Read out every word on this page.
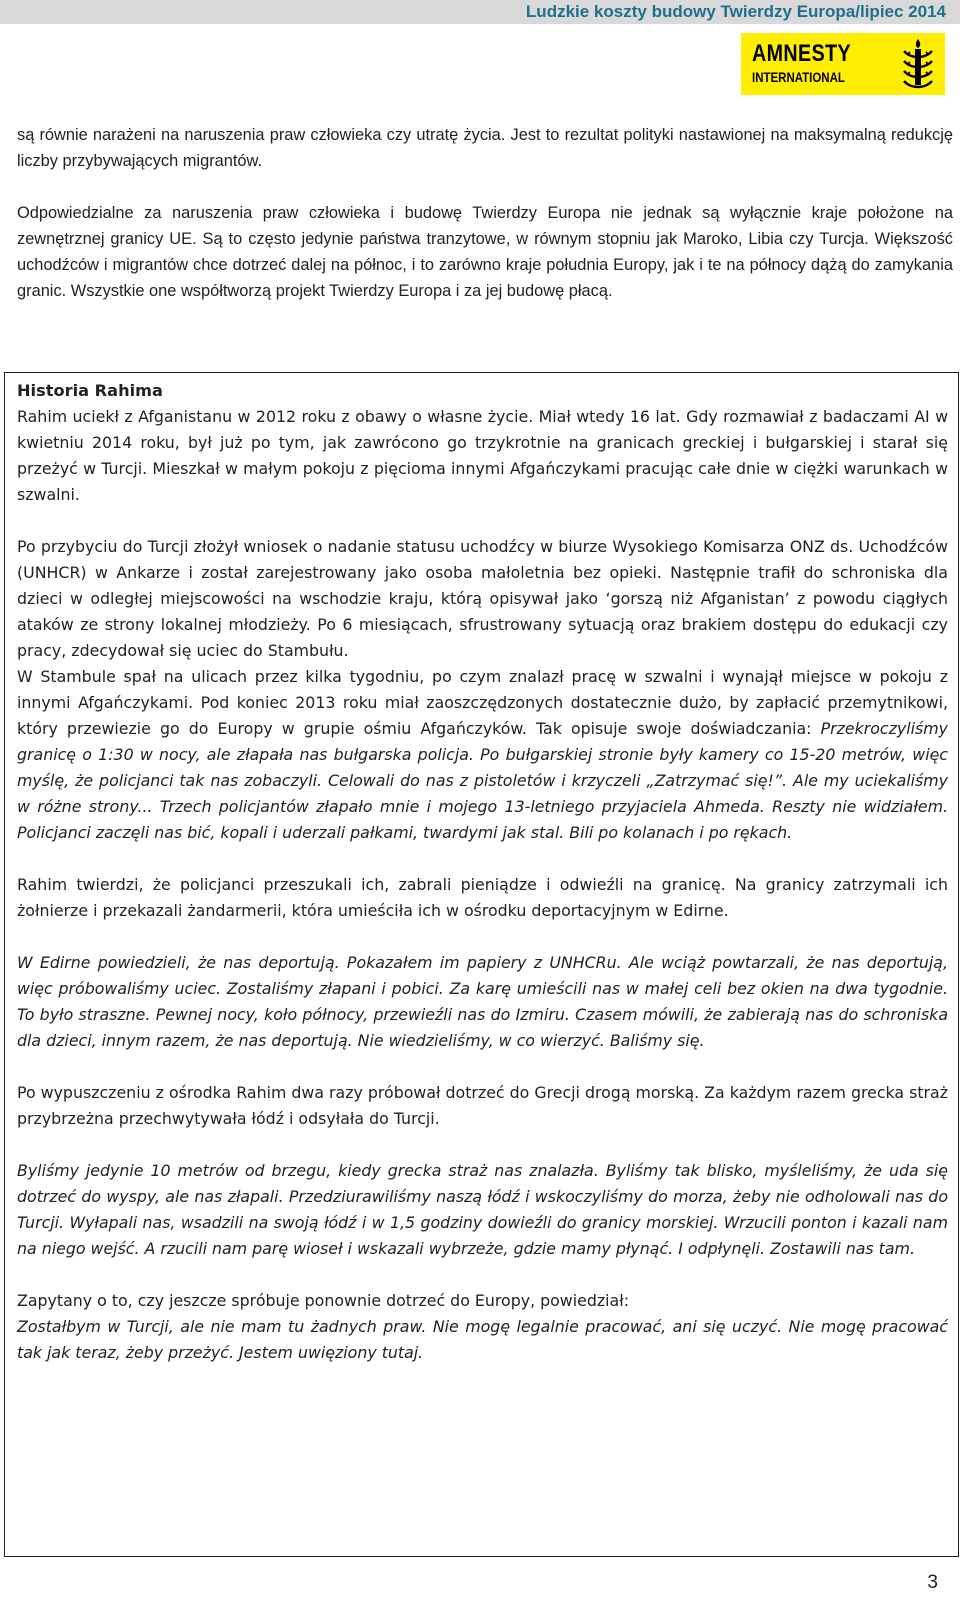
Ludzkie koszty budowy Twierdzy Europa/lipiec 2014
AMNESTY
INTERNATIONAL

są równie narażeni na naruszenia praw człowieka czy utratę życia. Jest to rezultat polityki nastawionej na maksymalną redukcję liczby przybywających migrantów.

Odpowiedzialne za naruszenia praw człowieka i budowę Twierdzy Europa nie jednak są wyłącznie kraje położone na zewnętrznej granicy UE. Są to często jedynie państwa tranzytowe, w równym stopniu jak Maroko, Libia czy Turcja. Większość uchodźców i migrantów chce dotrzeć dalej na północ, i to zarówno kraje południa Europy, jak i te na północy dążą do zamykania granic. Wszystkie one współtworzą projekt Twierdzy Europa i za jej budowę płacą.

Historia Rahima

Rahim uciekł z Afganistanu w 2012 roku z obawy o własne życie. Miał wtedy 16 lat. Gdy rozmawiał z badaczami AI w kwietniu 2014 roku, był już po tym, jak zawrócono go trzykrotnie na granicach greckiej i bułgarskiej i starał się przeżyć w Turcji. Mieszkał w małym pokoju z pięcioma innymi Afgańczykami pracując całe dnie w ciężki warunkach w szwalni.

Po przybyciu do Turcji złożył wniosek o nadanie statusu uchodźcy w biurze Wysokiego Komisarza ONZ ds. Uchodźców (UNHCR) w Ankarze i został zarejestrowany jako osoba małoletnia bez opieki. Następnie trafił do schroniska dla dzieci w odległej miejscowości na wschodzie kraju, którą opisywał jako ‘gorszą niż Afganistan’ z powodu ciągłych ataków ze strony lokalnej młodzieży. Po 6 miesiącach, sfrustrowany sytuacją oraz brakiem dostępu do edukacji czy pracy, zdecydował się uciec do Stambułu.

W Stambule spał na ulicach przez kilka tygodniu, po czym znalazł pracę w szwalni i wynajął miejsce w pokoju z innymi Afgańczykami. Pod koniec 2013 roku miał zaoszczędzonych dostatecznie dużo, by zapłacić przemytnikowi, który przewiezie go do Europy w grupie ośmiu Afgańczyków. Tak opisuje swoje doświadczania: Przekroczyliśmy granicę o 1:30 w nocy, ale złapała nas bułgarska policja. Po bułgarskiej stronie były kamery co 15-20 metrów, więc myślę, że policjanci tak nas zobaczyli. Celowali do nas z pistoletów i krzyczeli „Zatrzymać się!”. Ale my uciekaliśmy w różne strony... Trzech policjantów złapało mnie i mojego 13-letniego przyjaciela Ahmeda. Reszty nie widziałem. Policjanci zaczęli nas bić, kopali i uderzali pałkami, twardymi jak stal. Bili po kolanach i po rękach.

Rahim twierdzi, że policjanci przeszukali ich, zabrali pieniądze i odwieźli na granicę. Na granicy zatrzymali ich żołnierze i przekazali żandarmerii, która umieściła ich w ośrodku deportacyjnym w Edirne.

W Edirne powiedzieli, że nas deportują. Pokazałem im papiery z UNHCRu. Ale wciąż powtarzali, że nas deportują, więc próbowaliśmy uciec. Zostaliśmy złapani i pobici. Za karę umieścili nas w małej celi bez okien na dwa tygodnie. To było straszne. Pewnej nocy, koło północy, przewieźli nas do Izmiru. Czasem mówili, że zabierają nas do schroniska dla dzieci, innym razem, że nas deportują. Nie wiedzieliśmy, w co wierzyć. Baliśmy się.

Po wypuszczeniu z ośrodka Rahim dwa razy próbował dotrzeć do Grecji drogą morską. Za każdym razem grecka straż przybrzeżna przechwytywała łódź i odsyłała do Turcji.

Byliśmy jedynie 10 metrów od brzegu, kiedy grecka straż nas znalazła. Byliśmy tak blisko, myśleliśmy, że uda się dotrzeć do wyspy, ale nas złapali. Przedziurawiliśmy naszą łódź i wskoczyliśmy do morza, żeby nie odholowali nas do Turcji. Wyłapali nas, wsadzili na swoją łódź i w 1,5 godziny dowieźli do granicy morskiej. Wrzucili ponton i kazali nam na niego wejść. A rzucili nam parę wioseł i wskazali wybrzeże, gdzie mamy płynąć. I odpłynęli. Zostawili nas tam.

Zapytany o to, czy jeszcze spróbuje ponownie dotrzeć do Europy, powiedział:

Zostałbym w Turcji, ale nie mam tu żadnych praw. Nie mogę legalnie pracować, ani się uczyć. Nie mogę pracować tak jak teraz, żeby przeżyć. Jestem uwięziony tutaj.

3
